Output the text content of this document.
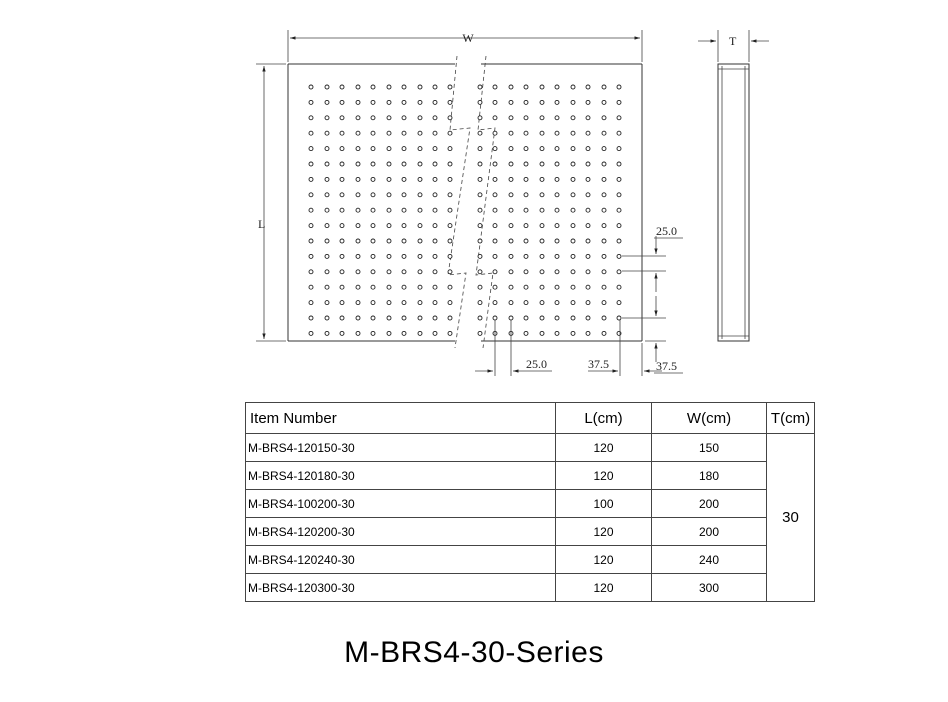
W
L
T
25.0
37.5
25.0	37.5
Item Number	L(cm)	W(cm)	T(cm)
M-BRS4-120150-30	120	150	30
M-BRS4-120180-30	120	180	
M-BRS4-100200-30	100	200	
M-BRS4-120200-30	120	200	
M-BRS4-120240-30	120	240	
M-BRS4-120300-30	120	300	
M-BRS4-30-Series
